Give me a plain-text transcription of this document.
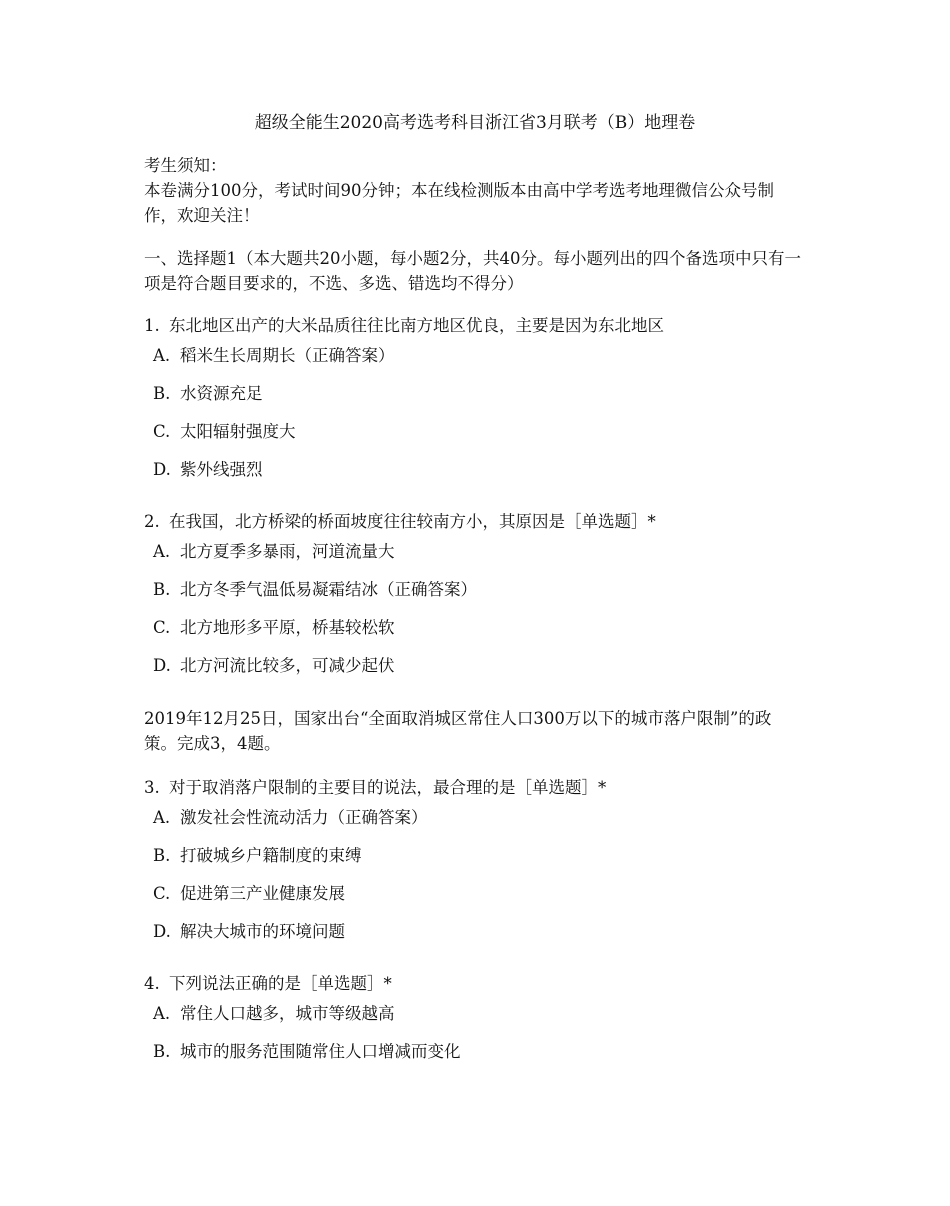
超级全能生2020高考选考科目浙江省3月联考（B）地理卷
考生须知：
本卷满分100分，考试时间90分钟；本在线检测版本由高中学考选考地理微信公众号制作，欢迎关注！
一、选择题1（本大题共20小题，每小题2分，共40分。每小题列出的四个备选项中只有一项是符合题目要求的，不选、多选、错选均不得分）
1. 东北地区出产的大米品质往往比南方地区优良，主要是因为东北地区
A. 稻米生长周期长（正确答案）
B. 水资源充足
C. 太阳辐射强度大
D. 紫外线强烈
2. 在我国，北方桥梁的桥面坡度往往较南方小，其原因是［单选题］*
A. 北方夏季多暴雨，河道流量大
B. 北方冬季气温低易凝霜结冰（正确答案）
C. 北方地形多平原，桥基较松软
D. 北方河流比较多，可减少起伏
2019年12月25日，国家出台“全面取消城区常住人口300万以下的城市落户限制”的政策。完成3，4题。
3. 对于取消落户限制的主要目的说法，最合理的是［单选题］*
A. 激发社会性流动活力（正确答案）
B. 打破城乡户籍制度的束缚
C. 促进第三产业健康发展
D. 解决大城市的环境问题
4. 下列说法正确的是［单选题］*
A. 常住人口越多，城市等级越高
B. 城市的服务范围随常住人口增减而变化
